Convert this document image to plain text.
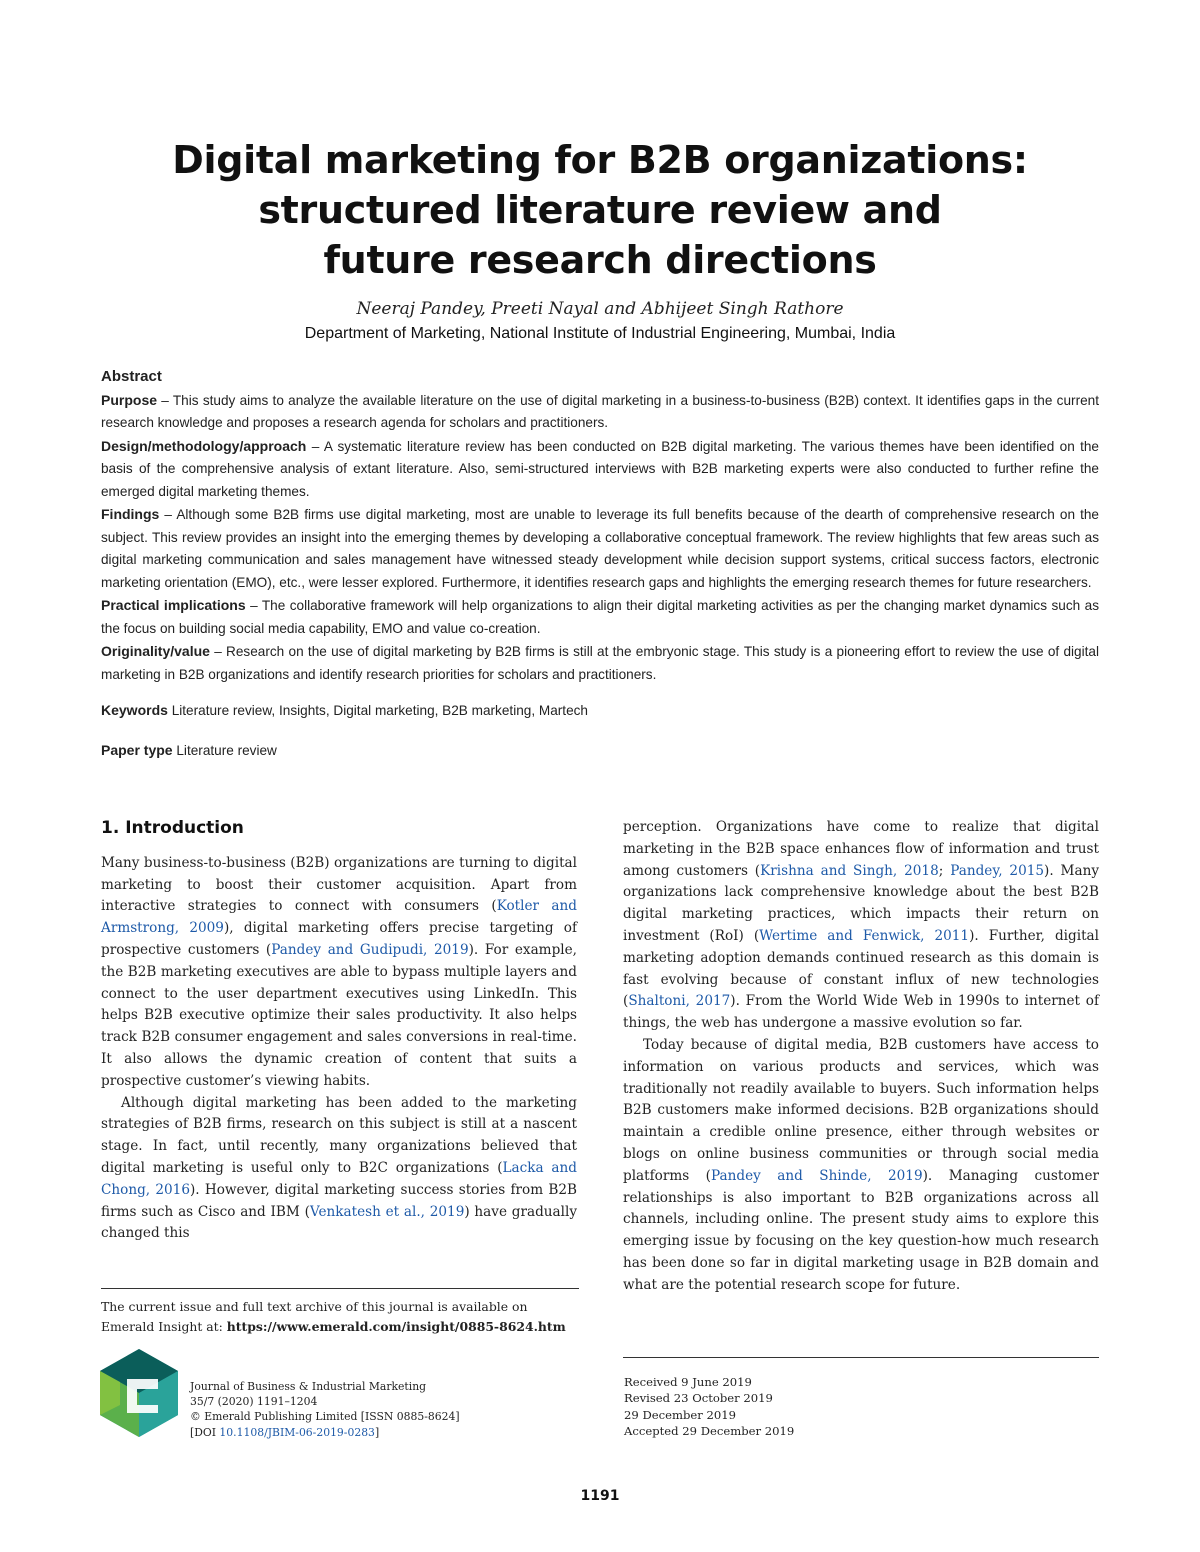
Digital marketing for B2B organizations:
structured literature review and
future research directions
Neeraj Pandey, Preeti Nayal and Abhijeet Singh Rathore
Department of Marketing, National Institute of Industrial Engineering, Mumbai, India
Abstract

Purpose – This study aims to analyze the available literature on the use of digital marketing in a business-to-business (B2B) context. It identifies gaps in the current research knowledge and proposes a research agenda for scholars and practitioners.

Design/methodology/approach – A systematic literature review has been conducted on B2B digital marketing. The various themes have been identified on the basis of the comprehensive analysis of extant literature. Also, semi-structured interviews with B2B marketing experts were also conducted to further refine the emerged digital marketing themes.

Findings – Although some B2B firms use digital marketing, most are unable to leverage its full benefits because of the dearth of comprehensive research on the subject. This review provides an insight into the emerging themes by developing a collaborative conceptual framework. The review highlights that few areas such as digital marketing communication and sales management have witnessed steady development while decision support systems, critical success factors, electronic marketing orientation (EMO), etc., were lesser explored. Furthermore, it identifies research gaps and highlights the emerging research themes for future researchers.

Practical implications – The collaborative framework will help organizations to align their digital marketing activities as per the changing market dynamics such as the focus on building social media capability, EMO and value co-creation.

Originality/value – Research on the use of digital marketing by B2B firms is still at the embryonic stage. This study is a pioneering effort to review the use of digital marketing in B2B organizations and identify research priorities for scholars and practitioners.

Keywords Literature review, Insights, Digital marketing, B2B marketing, Martech

Paper type Literature review

1. Introduction

Many business-to-business (B2B) organizations are turning to digital marketing to boost their customer acquisition. Apart from interactive strategies to connect with consumers (Kotler and Armstrong, 2009), digital marketing offers precise targeting of prospective customers (Pandey and Gudipudi, 2019). For example, the B2B marketing executives are able to bypass multiple layers and connect to the user department executives using LinkedIn. This helps B2B executive optimize their sales productivity. It also helps track B2B consumer engagement and sales conversions in real-time. It also allows the dynamic creation of content that suits a prospective customer’s viewing habits.

Although digital marketing has been added to the marketing strategies of B2B firms, research on this subject is still at a nascent stage. In fact, until recently, many organizations believed that digital marketing is useful only to B2C organizations (Lacka and Chong, 2016). However, digital marketing success stories from B2B firms such as Cisco and IBM (Venkatesh et al., 2019) have gradually changed this

perception. Organizations have come to realize that digital marketing in the B2B space enhances flow of information and trust among customers (Krishna and Singh, 2018; Pandey, 2015). Many organizations lack comprehensive knowledge about the best B2B digital marketing practices, which impacts their return on investment (RoI) (Wertime and Fenwick, 2011). Further, digital marketing adoption demands continued research as this domain is fast evolving because of constant influx of new technologies (Shaltoni, 2017). From the World Wide Web in 1990s to internet of things, the web has undergone a massive evolution so far.

Today because of digital media, B2B customers have access to information on various products and services, which was traditionally not readily available to buyers. Such information helps B2B customers make informed decisions. B2B organizations should maintain a credible online presence, either through websites or blogs on online business communities or through social media platforms (Pandey and Shinde, 2019). Managing customer relationships is also important to B2B organizations across all channels, including online. The present study aims to explore this emerging issue by focusing on the key question-how much research has been done so far in digital marketing usage in B2B domain and what are the potential research scope for future.

The current issue and full text archive of this journal is available on Emerald Insight at: https://www.emerald.com/insight/0885-8624.htm
Journal of Business & Industrial Marketing
35/7 (2020) 1191–1204
© Emerald Publishing Limited [ISSN 0885-8624]
[DOI 10.1108/JBIM-06-2019-0283]
Received 9 June 2019
Revised 23 October 2019
29 December 2019
Accepted 29 December 2019
1191
